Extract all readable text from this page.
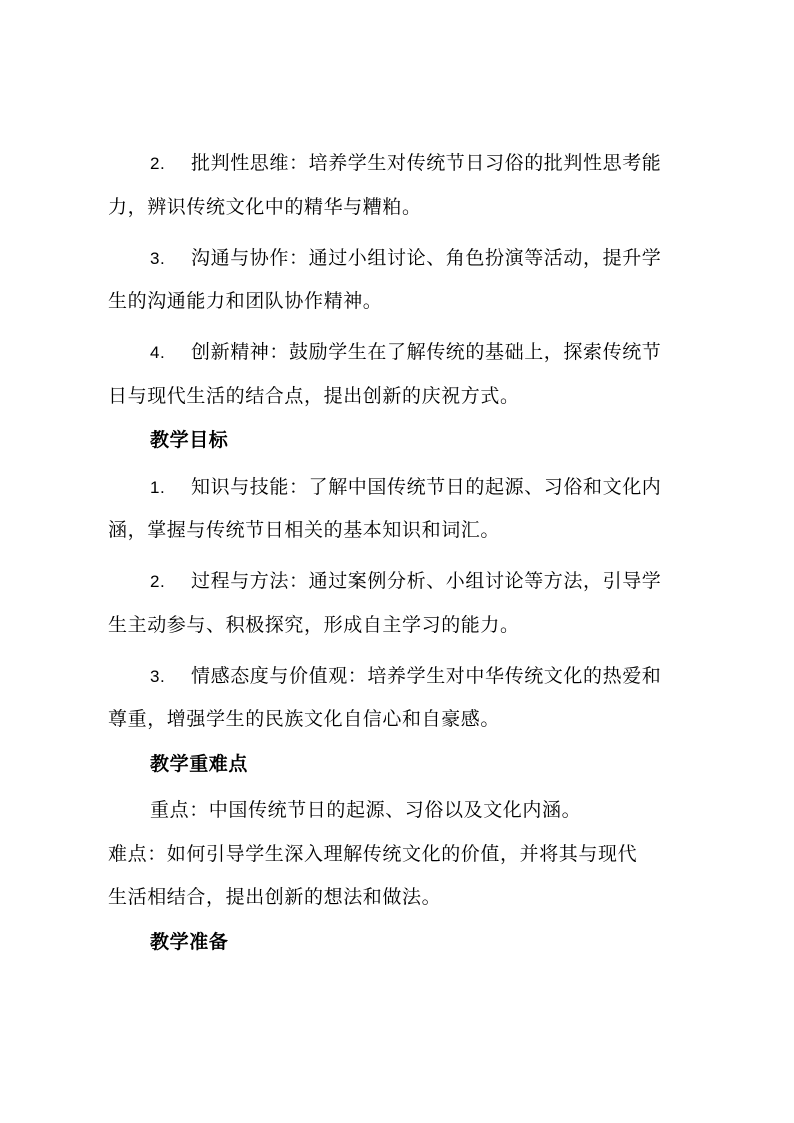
2. 批判性思维：培养学生对传统节日习俗的批判性思考能
力，辨识传统文化中的精华与糟粕。
3. 沟通与协作：通过小组讨论、角色扮演等活动，提升学
生的沟通能力和团队协作精神。
4. 创新精神：鼓励学生在了解传统的基础上，探索传统节
日与现代生活的结合点，提出创新的庆祝方式。
教学目标
1. 知识与技能：了解中国传统节日的起源、习俗和文化内
涵，掌握与传统节日相关的基本知识和词汇。
2. 过程与方法：通过案例分析、小组讨论等方法，引导学
生主动参与、积极探究，形成自主学习的能力。
3. 情感态度与价值观：培养学生对中华传统文化的热爱和
尊重，增强学生的民族文化自信心和自豪感。
教学重难点
重点：中国传统节日的起源、习俗以及文化内涵。
难点：如何引导学生深入理解传统文化的价值，并将其与现代
生活相结合，提出创新的想法和做法。
教学准备
